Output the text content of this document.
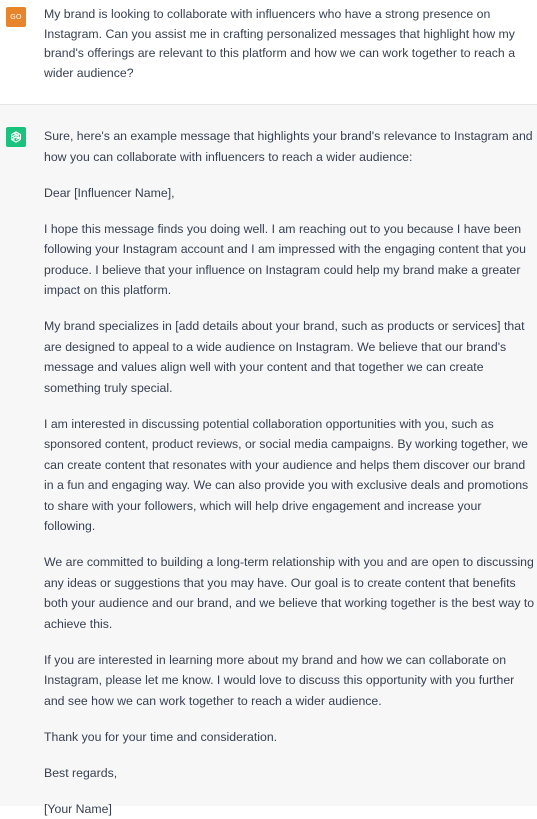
GO	My brand is looking to collaborate with influencers who have a strong presence on Instagram. Can you assist me in crafting personalized messages that highlight how my brand's offerings are relevant to this platform and how we can work together to reach a wider audience?

Sure, here's an example message that highlights your brand's relevance to Instagram and how you can collaborate with influencers to reach a wider audience:

Dear [Influencer Name],

I hope this message finds you doing well. I am reaching out to you because I have been following your Instagram account and I am impressed with the engaging content that you produce. I believe that your influence on Instagram could help my brand make a greater impact on this platform.

My brand specializes in [add details about your brand, such as products or services] that are designed to appeal to a wide audience on Instagram. We believe that our brand's message and values align well with your content and that together we can create something truly special.

I am interested in discussing potential collaboration opportunities with you, such as sponsored content, product reviews, or social media campaigns. By working together, we can create content that resonates with your audience and helps them discover our brand in a fun and engaging way. We can also provide you with exclusive deals and promotions to share with your followers, which will help drive engagement and increase your following.

We are committed to building a long-term relationship with you and are open to discussing any ideas or suggestions that you may have. Our goal is to create content that benefits both your audience and our brand, and we believe that working together is the best way to achieve this.

If you are interested in learning more about my brand and how we can collaborate on Instagram, please let me know. I would love to discuss this opportunity with you further and see how we can work together to reach a wider audience.

Thank you for your time and consideration.

Best regards,

[Your Name]
